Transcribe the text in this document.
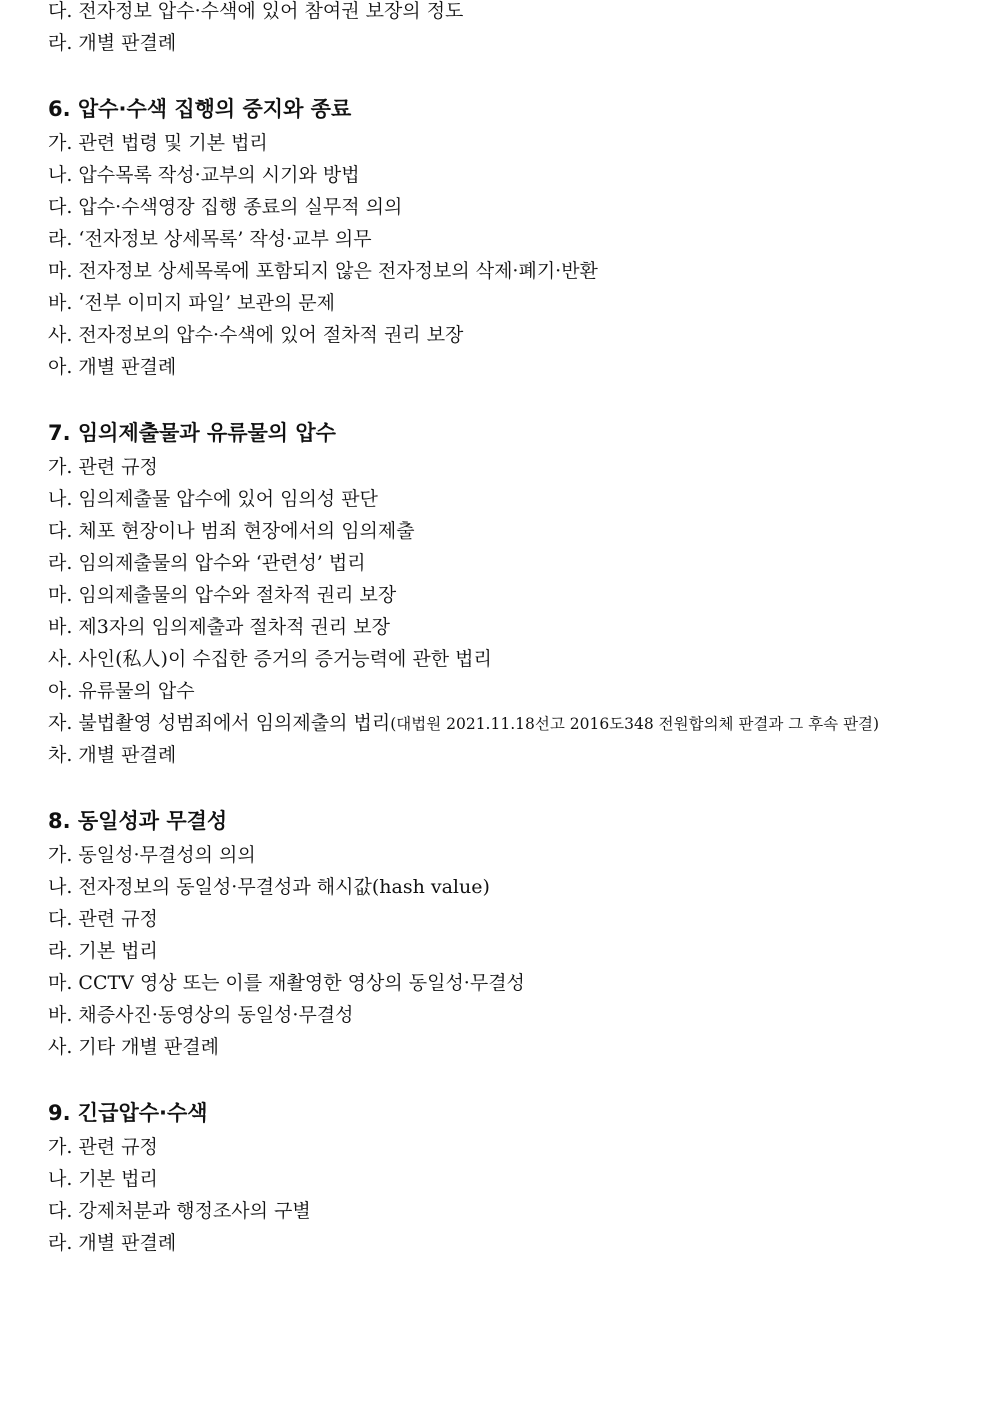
다. 전자정보 압수·수색에 있어 참여권 보장의 정도
라. 개별 판결례
6. 압수·수색 집행의 중지와 종료
가. 관련 법령 및 기본 법리
나. 압수목록 작성·교부의 시기와 방법
다. 압수·수색영장 집행 종료의 실무적 의의
라. ‘전자정보 상세목록’ 작성·교부 의무
마. 전자정보 상세목록에 포함되지 않은 전자정보의 삭제·폐기·반환
바. ‘전부 이미지 파일’ 보관의 문제
사. 전자정보의 압수·수색에 있어 절차적 권리 보장
아. 개별 판결례
7. 임의제출물과 유류물의 압수
가. 관련 규정
나. 임의제출물 압수에 있어 임의성 판단
다. 체포 현장이나 범죄 현장에서의 임의제출
라. 임의제출물의 압수와 ‘관련성’ 법리
마. 임의제출물의 압수와 절차적 권리 보장
바. 제3자의 임의제출과 절차적 권리 보장
사. 사인(私人)이 수집한 증거의 증거능력에 관한 법리
아. 유류물의 압수
자. 불법촬영 성범죄에서 임의제출의 법리(대법원 2021.11.18선고 2016도348 전원합의체 판결과 그 후속 판결)
차. 개별 판결례
8. 동일성과 무결성
가. 동일성·무결성의 의의
나. 전자정보의 동일성·무결성과 해시값(hash value)
다. 관련 규정
라. 기본 법리
마. CCTV 영상 또는 이를 재촬영한 영상의 동일성·무결성
바. 채증사진·동영상의 동일성·무결성
사. 기타 개별 판결례
9. 긴급압수·수색
가. 관련 규정
나. 기본 법리
다. 강제처분과 행정조사의 구별
라. 개별 판결례
